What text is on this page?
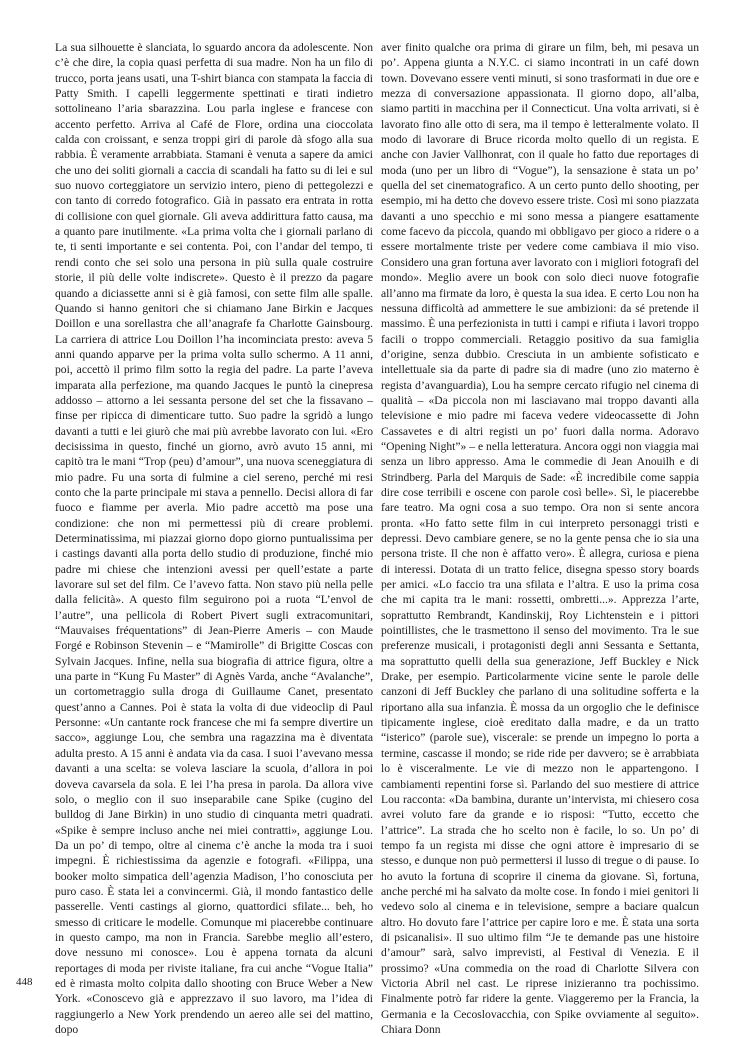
La sua silhouette è slanciata, lo sguardo ancora da adolescente. Non c’è che dire, la copia quasi perfetta di sua madre. Non ha un filo di trucco, porta jeans usati, una T-shirt bianca con stampata la faccia di Patty Smith. I capelli leggermente spettinati e tirati indietro sottolineano l’aria sbarazzina. Lou parla inglese e francese con accento perfetto. Arriva al Café de Flore, ordina una cioccolata calda con croissant, e senza troppi giri di parole dà sfogo alla sua rabbia. È veramente arrabbiata. Stamani è venuta a sapere da amici che uno dei soliti giornali a caccia di scandali ha fatto su di lei e sul suo nuovo corteggiatore un servizio intero, pieno di pettegolezzi e con tanto di corredo fotografico. Già in passato era entrata in rotta di collisione con quel giornale. Gli aveva addirittura fatto causa, ma a quanto pare inutilmente. «La prima volta che i giornali parlano di te, ti senti importante e sei contenta. Poi, con l’andar del tempo, ti rendi conto che sei solo una persona in più sulla quale costruire storie, il più delle volte indiscrete». Questo è il prezzo da pagare quando a diciassette anni si è già famosi, con sette film alle spalle. Quando si hanno genitori che si chiamano Jane Birkin e Jacques Doillon e una sorellastra che all’anagrafe fa Charlotte Gainsbourg. La carriera di attrice Lou Doillon l’ha incominciata presto: aveva 5 anni quando apparve per la prima volta sullo schermo. A 11 anni, poi, accettò il primo film sotto la regia del padre. La parte l’aveva imparata alla perfezione, ma quando Jacques le puntò la cinepresa addosso – attorno a lei sessanta persone del set che la fissavano – finse per ripicca di dimenticare tutto. Suo padre la sgridò a lungo davanti a tutti e lei giurò che mai più avrebbe lavorato con lui. «Ero decisissima in questo, finché un giorno, avrò avuto 15 anni, mi capitò tra le mani “Trop (peu) d’amour”, una nuova sceneggiatura di mio padre. Fu una sorta di fulmine a ciel sereno, perché mi resi conto che la parte principale mi stava a pennello. Decisi allora di far fuoco e fiamme per averla. Mio padre accettò ma pose una condizione: che non mi permettessi più di creare problemi. Determinatissima, mi piazzai giorno dopo giorno puntualissima per i castings davanti alla porta dello studio di produzione, finché mio padre mi chiese che intenzioni avessi per quell’estate a parte lavorare sul set del film. Ce l’avevo fatta. Non stavo più nella pelle dalla felicità». A questo film seguirono poi a ruota “L’envol de l’autre”, una pellicola di Robert Pivert sugli extracomunitari, “Mauvaises fréquentations” di Jean-Pierre Ameris – con Maude Forgé e Robinson Stevenin – e “Mamirolle” di Brigitte Coscas con Sylvain Jacques. Infine, nella sua biografia di attrice figura, oltre a una parte in “Kung Fu Master” di Agnès Varda, anche “Avalanche”, un cortometraggio sulla droga di Guillaume Canet, presentato quest’anno a Cannes. Poi è stata la volta di due videoclip di Paul Personne: «Un cantante rock francese che mi fa sempre divertire un sacco», aggiunge Lou, che sembra una ragazzina ma è diventata adulta presto. A 15 anni è andata via da casa. I suoi l’avevano messa davanti a una scelta: se voleva lasciare la scuola, d’allora in poi doveva cavarsela da sola. E lei l’ha presa in parola. Da allora vive solo, o meglio con il suo inseparabile cane Spike (cugino del bulldog di Jane Birkin) in uno studio di cinquanta metri quadrati. «Spike è sempre incluso anche nei miei contratti», aggiunge Lou. Da un po’ di tempo, oltre al cinema c’è anche la moda tra i suoi impegni. È richiestissima da agenzie e fotografi. «Filippa, una booker molto simpatica dell’agenzia Madison, l’ho conosciuta per puro caso. È stata lei a convincermi. Già, il mondo fantastico delle passerelle. Venti castings al giorno, quattordici sfilate... beh, ho smesso di criticare le modelle. Comunque mi piacerebbe continuare in questo campo, ma non in Francia. Sarebbe meglio all’estero, dove nessuno mi conosce». Lou è appena tornata da alcuni reportages di moda per riviste italiane, fra cui anche “Vogue Italia” ed è rimasta molto colpita dallo shooting con Bruce Weber a New York. «Conoscevo già e apprezzavo il suo lavoro, ma l’idea di raggiungerlo a New York prendendo un aereo alle sei del mattino, dopo

aver finito qualche ora prima di girare un film, beh, mi pesava un po’. Appena giunta a N.Y.C. ci siamo incontrati in un café down town. Dovevano essere venti minuti, si sono trasformati in due ore e mezza di conversazione appassionata. Il giorno dopo, all’alba, siamo partiti in macchina per il Connecticut. Una volta arrivati, si è lavorato fino alle otto di sera, ma il tempo è letteralmente volato. Il modo di lavorare di Bruce ricorda molto quello di un regista. E anche con Javier Vallhonrat, con il quale ho fatto due reportages di moda (uno per un libro di “Vogue”), la sensazione è stata un po’ quella del set cinematografico. A un certo punto dello shooting, per esempio, mi ha detto che dovevo essere triste. Così mi sono piazzata davanti a uno specchio e mi sono messa a piangere esattamente come facevo da piccola, quando mi obbligavo per gioco a ridere o a essere mortalmente triste per vedere come cambiava il mio viso. Considero una gran fortuna aver lavorato con i migliori fotografi del mondo». Meglio avere un book con solo dieci nuove fotografie all’anno ma firmate da loro, è questa la sua idea. E certo Lou non ha nessuna difficoltà ad ammettere le sue ambizioni: da sé pretende il massimo. È una perfezionista in tutti i campi e rifiuta i lavori troppo facili o troppo commerciali. Retaggio positivo da sua famiglia d’origine, senza dubbio. Cresciuta in un ambiente sofisticato e intellettuale sia da parte di padre sia di madre (uno zio materno è regista d’avanguardia), Lou ha sempre cercato rifugio nel cinema di qualità – «Da piccola non mi lasciavano mai troppo davanti alla televisione e mio padre mi faceva vedere videocassette di John Cassavetes e di altri registi un po’ fuori dalla norma. Adoravo “Opening Night”» – e nella letteratura. Ancora oggi non viaggia mai senza un libro appresso. Ama le commedie di Jean Anouilh e di Strindberg. Parla del Marquis de Sade: «È incredibile come sappia dire cose terribili e oscene con parole così belle». Sì, le piacerebbe fare teatro. Ma ogni cosa a suo tempo. Ora non si sente ancora pronta. «Ho fatto sette film in cui interpreto personaggi tristi e depressi. Devo cambiare genere, se no la gente pensa che io sia una persona triste. Il che non è affatto vero». È allegra, curiosa e piena di interessi. Dotata di un tratto felice, disegna spesso story boards per amici. «Lo faccio tra una sfilata e l’altra. E uso la prima cosa che mi capita tra le mani: rossetti, ombretti...». Apprezza l’arte, soprattutto Rembrandt, Kandinskij, Roy Lichtenstein e i pittori pointillistes, che le trasmettono il senso del movimento. Tra le sue preferenze musicali, i protagonisti degli anni Sessanta e Settanta, ma soprattutto quelli della sua generazione, Jeff Buckley e Nick Drake, per esempio. Particolarmente vicine sente le parole delle canzoni di Jeff Buckley che parlano di una solitudine sofferta e la riportano alla sua infanzia. È mossa da un orgoglio che le definisce tipicamente inglese, cioè ereditato dalla madre, e da un tratto “isterico” (parole sue), viscerale: se prende un impegno lo porta a termine, cascasse il mondo; se ride ride per davvero; se è arrabbiata lo è visceralmente. Le vie di mezzo non le appartengono. I cambiamenti repentini forse sì. Parlando del suo mestiere di attrice Lou racconta: «Da bambina, durante un’intervista, mi chiesero cosa avrei voluto fare da grande e io risposi: “Tutto, eccetto che l’attrice”. La strada che ho scelto non è facile, lo so. Un po’ di tempo fa un regista mi disse che ogni attore è impresario di se stesso, e dunque non può permettersi il lusso di tregue o di pause. Io ho avuto la fortuna di scoprire il cinema da giovane. Sì, fortuna, anche perché mi ha salvato da molte cose. In fondo i miei genitori li vedevo solo al cinema e in televisione, sempre a baciare qualcun altro. Ho dovuto fare l’attrice per capire loro e me. È stata una sorta di psicanalisi». Il suo ultimo film “Je te demande pas une histoire d’amour” sarà, salvo imprevisti, al Festival di Venezia. E il prossimo? «Una commedia on the road di Charlotte Silvera con Victoria Abril nel cast. Le riprese inizieranno tra pochissimo. Finalmente potrò far ridere la gente. Viaggeremo per la Francia, la Germania e la Cecoslovacchia, con Spike ovviamente al seguito». Chiara Donn

448
